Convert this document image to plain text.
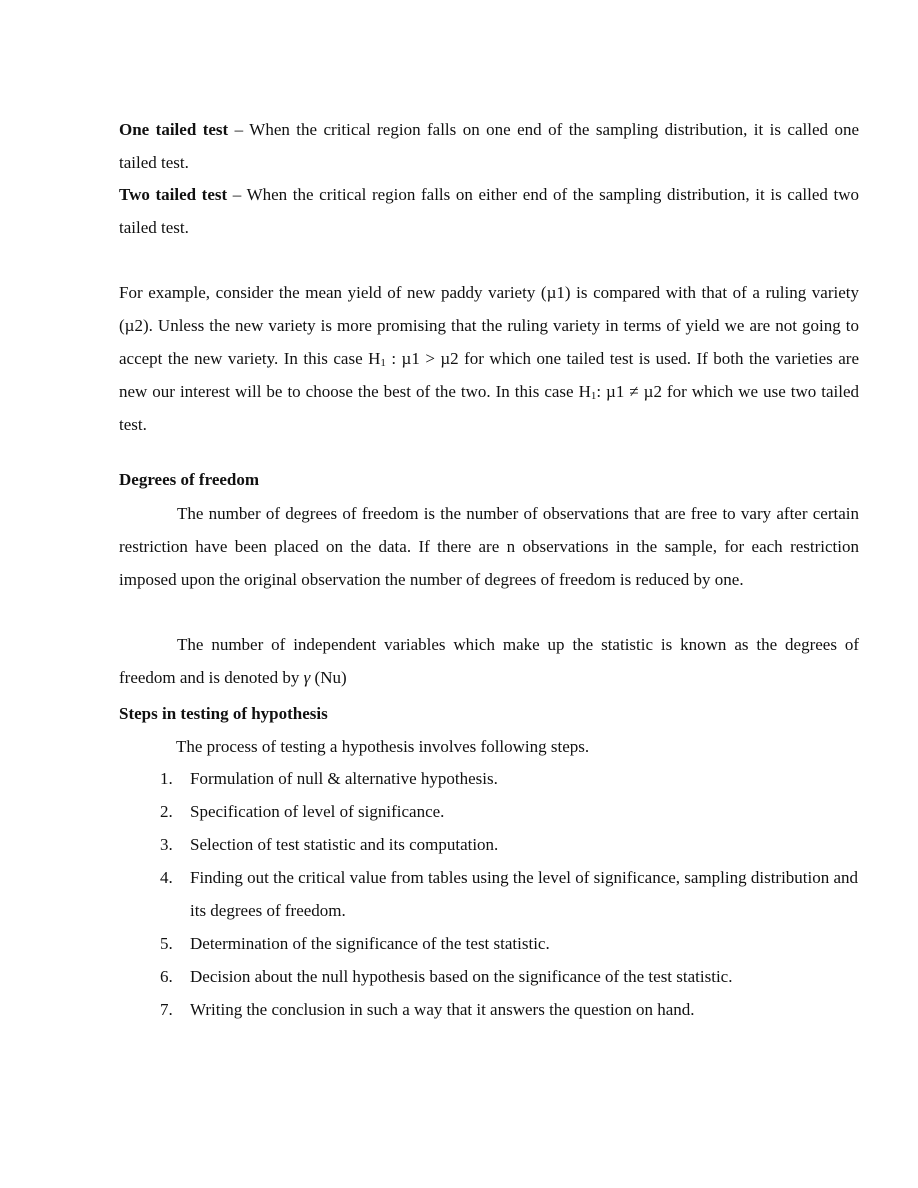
One tailed test – When the critical region falls on one end of the sampling distribution, it is called one tailed test.

Two tailed test – When the critical region falls on either end of the sampling distribution, it is called two tailed test.

For example, consider the mean yield of new paddy variety (µ1) is compared with that of a ruling variety (µ2). Unless the new variety is more promising that the ruling variety in terms of yield we are not going to accept the new variety. In this case $H_1$ : µ1 > µ2 for which one tailed test is used. If both the varieties are new our interest will be to choose the best of the two. In this case $H_1$: µ1 ≠ µ2 for which we use two tailed test.

Degrees of freedom

The number of degrees of freedom is the number of observations that are free to vary after certain restriction have been placed on the data. If there are n observations in the sample, for each restriction imposed upon the original observation the number of degrees of freedom is reduced by one.

The number of independent variables which make up the statistic is known as the degrees of freedom and is denoted by γ (Nu)

Steps in testing of hypothesis
The process of testing a hypothesis involves following steps.
1. Formulation of null & alternative hypothesis.
2. Specification of level of significance.
3. Selection of test statistic and its computation.
4. Finding out the critical value from tables using the level of significance, sampling distribution and its degrees of freedom.
5. Determination of the significance of the test statistic.
6. Decision about the null hypothesis based on the significance of the test statistic.
7. Writing the conclusion in such a way that it answers the question on hand.
